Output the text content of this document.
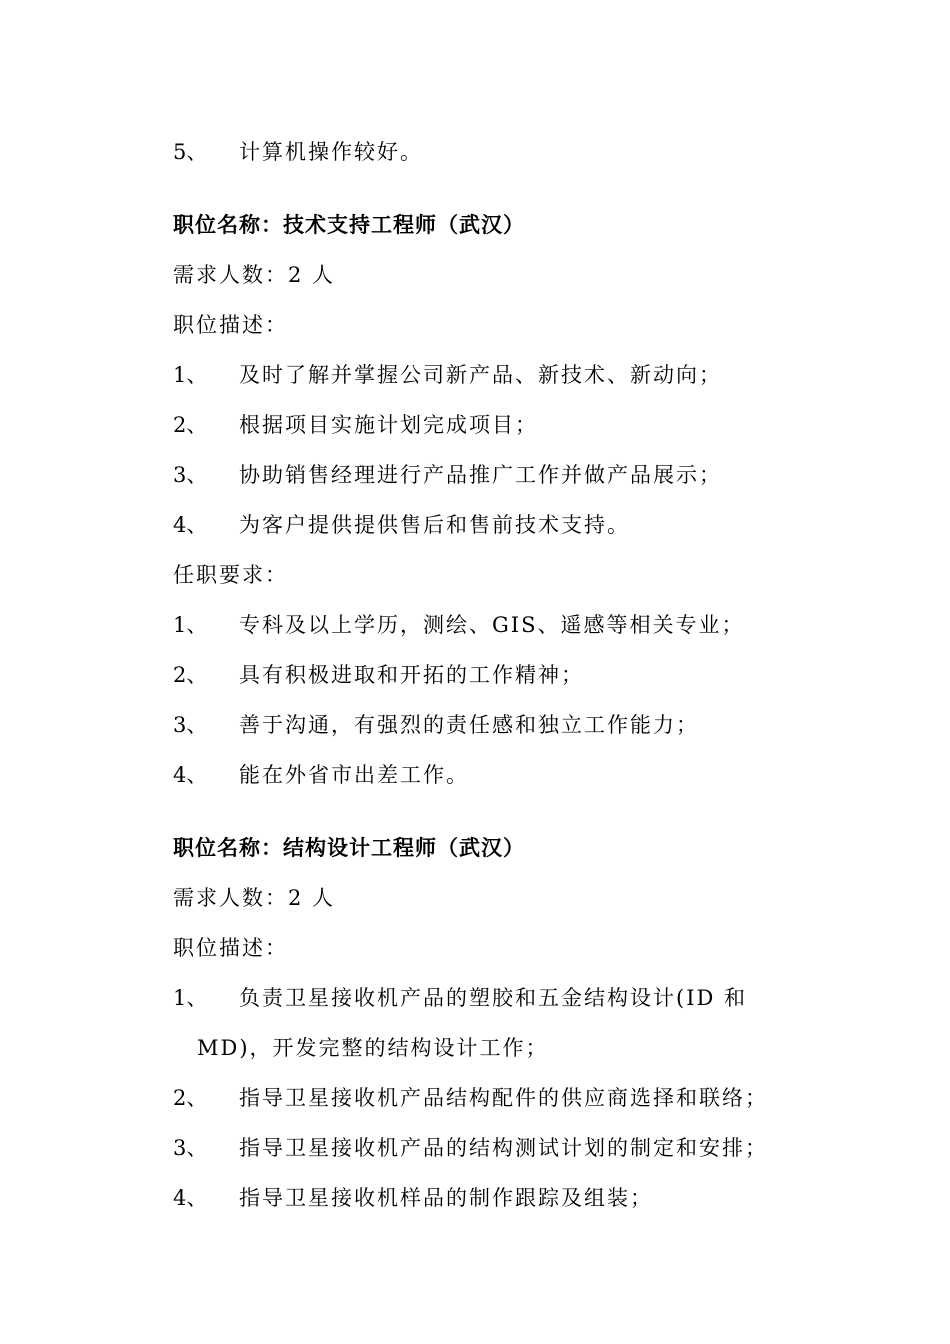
5、 计算机操作较好。
职位名称：技术支持工程师（武汉）
需求人数：2 人
职位描述：
1、 及时了解并掌握公司新产品、新技术、新动向；
2、 根据项目实施计划完成项目；
3、 协助销售经理进行产品推广工作并做产品展示；
4、 为客户提供提供售后和售前技术支持。
任职要求：
1、 专科及以上学历，测绘、GIS、遥感等相关专业；
2、 具有积极进取和开拓的工作精神；
3、 善于沟通，有强烈的责任感和独立工作能力；
4、 能在外省市出差工作。
职位名称：结构设计工程师（武汉）
需求人数：2 人
职位描述：
1、 负责卫星接收机产品的塑胶和五金结构设计(ID 和
MD)，开发完整的结构设计工作；
2、 指导卫星接收机产品结构配件的供应商选择和联络；
3、 指导卫星接收机产品的结构测试计划的制定和安排；
4、 指导卫星接收机样品的制作跟踪及组装；
